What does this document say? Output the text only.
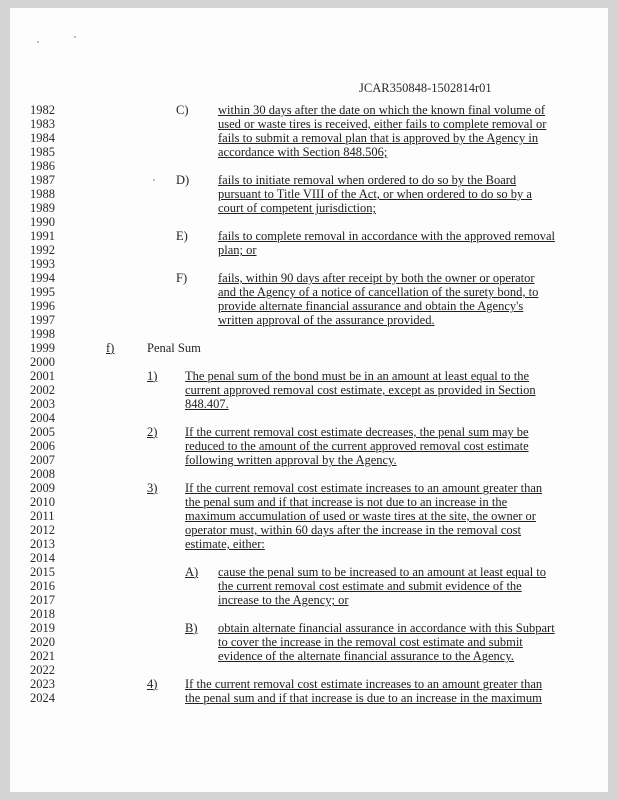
JCAR350848-1502814r01
1982
1983
1984
1985
1986
1987
1988
1989
1990
1991
1992
1993
1994
1995
1996
1997
1998
1999
2000
2001
2002
2003
2004
2005
2006
2007
2008
2009
2010
2011
2012
2013
2014
2015
2016
2017
2018
2019
2020
2021
2022
2023
2024
C) within 30 days after the date on which the known final volume of
used or waste tires is received, either fails to complete removal or
fails to submit a removal plan that is approved by the Agency in
accordance with Section 848.506;
D) fails to initiate removal when ordered to do so by the Board
pursuant to Title VIII of the Act, or when ordered to do so by a
court of competent jurisdiction;
E) fails to complete removal in accordance with the approved removal
plan; or
F) fails, within 90 days after receipt by both the owner or operator
and the Agency of a notice of cancellation of the surety bond, to
provide alternate financial assurance and obtain the Agency's
written approval of the assurance provided.
f)	Penal Sum
1) The penal sum of the bond must be in an amount at least equal to the
current approved removal cost estimate, except as provided in Section
848.407.
2) If the current removal cost estimate decreases, the penal sum may be
reduced to the amount of the current approved removal cost estimate
following written approval by the Agency.
3) If the current removal cost estimate increases to an amount greater than
the penal sum and if that increase is not due to an increase in the
maximum accumulation of used or waste tires at the site, the owner or
operator must, within 60 days after the increase in the removal cost
estimate, either:
A) cause the penal sum to be increased to an amount at least equal to
the current removal cost estimate and submit evidence of the
increase to the Agency; or
B) obtain alternate financial assurance in accordance with this Subpart
to cover the increase in the removal cost estimate and submit
evidence of the alternate financial assurance to the Agency.
4) If the current removal cost estimate increases to an amount greater than
the penal sum and if that increase is due to an increase in the maximum
